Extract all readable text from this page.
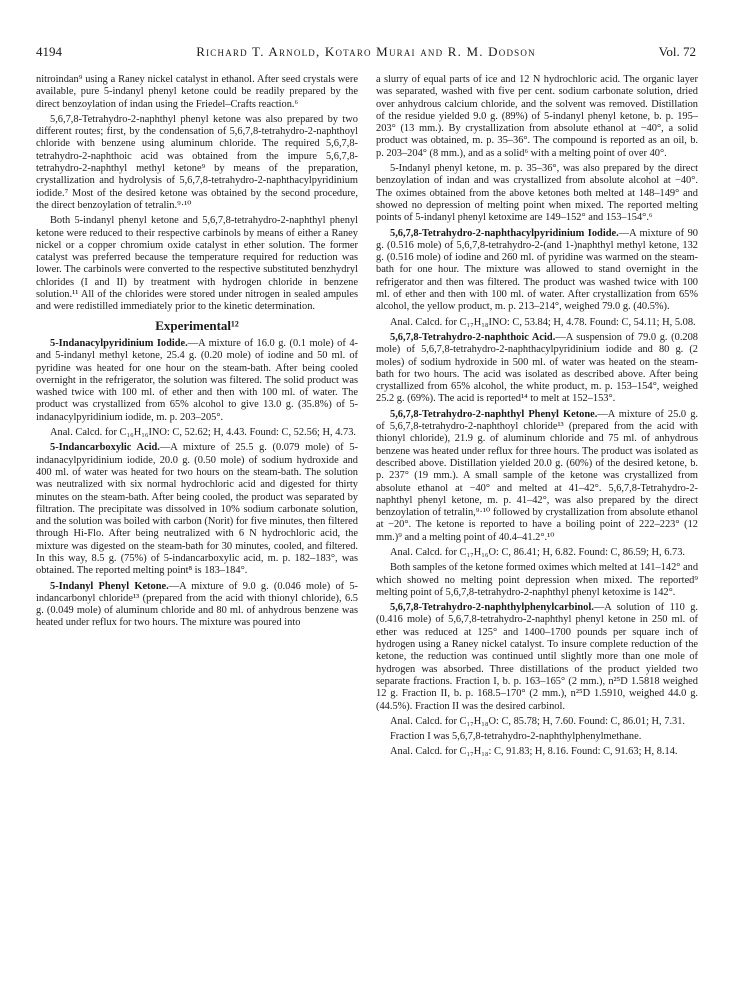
4194	Richard T. Arnold, Kotaro Murai and R. M. Dodson	Vol. 72

nitroindan⁹ using a Raney nickel catalyst in ethanol. After seed crystals were available, pure 5-indanyl phenyl ketone could be readily prepared by the direct benzoylation of indan using the Friedel–Crafts reaction.⁶

5,6,7,8-Tetrahydro-2-naphthyl phenyl ketone was also prepared by two different routes; first, by the condensation of 5,6,7,8-tetrahydro-2-naphthoyl chloride with benzene using aluminum chloride. The required 5,6,7,8-tetrahydro-2-naphthoic acid was obtained from the impure 5,6,7,8-tetrahydro-2-naphthyl methyl ketone⁹ by means of the preparation, crystallization and hydrolysis of 5,6,7,8-tetrahydro-2-naphthacylpyridinium iodide.⁷ Most of the desired ketone was obtained by the second procedure, the direct benzoylation of tetralin.⁹·¹⁰

Both 5-indanyl phenyl ketone and 5,6,7,8-tetrahydro-2-naphthyl phenyl ketone were reduced to their respective carbinols by means of either a Raney nickel or a copper chromium oxide catalyst in ether solution. The former catalyst was preferred because the temperature required for reduction was lower. The carbinols were converted to the respective substituted benzhydryl chlorides (I and II) by treatment with hydrogen chloride in benzene solution.¹¹ All of the chlorides were stored under nitrogen in sealed ampules and were redistilled immediately prior to the kinetic determination.

Experimental¹²

5-Indanacylpyridinium Iodide.—A mixture of 16.0 g. (0.1 mole) of 4-and 5-indanyl methyl ketone, 25.4 g. (0.20 mole) of iodine and 50 ml. of pyridine was heated for one hour on the steam-bath. After being cooled overnight in the refrigerator, the solution was filtered. The solid product was washed twice with 100 ml. of ether and then with 100 ml. of water. The product was crystallized from 65% alcohol to give 13.0 g. (35.8%) of 5-indanacylpyridinium iodide, m. p. 203–205°.

Anal. Calcd. for C₁₆H₁₆INO: C, 52.62; H, 4.43. Found: C, 52.56; H, 4.73.

5-Indancarboxylic Acid.—A mixture of 25.5 g. (0.079 mole) of 5-indanacylpyridinium iodide, 20.0 g. (0.50 mole) of sodium hydroxide and 400 ml. of water was heated for two hours on the steam-bath. The solution was neutralized with six normal hydrochloric acid and digested for thirty minutes on the steam-bath. After being cooled, the product was separated by filtration. The precipitate was dissolved in 10% sodium carbonate solution, and the solution was boiled with carbon (Norit) for five minutes, then filtered through Hi-Flo. After being neutralized with 6 N hydrochloric acid, the mixture was digested on the steam-bath for 30 minutes, cooled, and filtered. In this way, 8.5 g. (75%) of 5-indancarboxylic acid, m. p. 182–183°, was obtained. The reported melting point⁸ is 183–184°.

5-Indanyl Phenyl Ketone.—A mixture of 9.0 g. (0.046 mole) of 5-indancarbonyl chloride¹³ (prepared from the acid with thionyl chloride), 6.5 g. (0.049 mole) of aluminum chloride and 80 ml. of anhydrous benzene was heated under reflux for two hours. The mixture was poured into

a slurry of equal parts of ice and 12 N hydrochloric acid. The organic layer was separated, washed with five per cent. sodium carbonate solution, dried over anhydrous calcium chloride, and the solvent was removed. Distillation of the residue yielded 9.0 g. (89%) of 5-indanyl phenyl ketone, b. p. 195–203° (13 mm.). By crystallization from absolute ethanol at −40°, a solid product was obtained, m. p. 35–36°. The compound is reported as an oil, b. p. 203–204° (8 mm.), and as a solid⁶ with a melting point of over 40°.

5-Indanyl phenyl ketone, m. p. 35–36°, was also prepared by the direct benzoylation of indan and was crystallized from absolute alcohol at −40°. The oximes obtained from the above ketones both melted at 148–149° and showed no depression of melting point when mixed. The reported melting points of 5-indanyl phenyl ketoxime are 149–152° and 153–154°.⁶

5,6,7,8-Tetrahydro-2-naphthacylpyridinium Iodide.—A mixture of 90 g. (0.516 mole) of 5,6,7,8-tetrahydro-2-(and 1-)naphthyl methyl ketone, 132 g. (0.516 mole) of iodine and 260 ml. of pyridine was warmed on the steam-bath for one hour. The mixture was allowed to stand overnight in the refrigerator and then was filtered. The product was washed twice with 100 ml. of ether and then with 100 ml. of water. After crystallization from 65% alcohol, the yellow product, m. p. 213–214°, weighed 79.0 g. (40.5%).

Anal. Calcd. for C₁₇H₁₈INO: C, 53.84; H, 4.78. Found: C, 54.11; H, 5.08.

5,6,7,8-Tetrahydro-2-naphthoic Acid.—A suspension of 79.0 g. (0.208 mole) of 5,6,7,8-tetrahydro-2-naphthacylpyridinium iodide and 80 g. (2 moles) of sodium hydroxide in 500 ml. of water was heated on the steam-bath for two hours. The acid was isolated as described above. After being crystallized from 65% alcohol, the white product, m. p. 153–154°, weighed 25.2 g. (69%). The acid is reported¹⁴ to melt at 152–153°.

5,6,7,8-Tetrahydro-2-naphthyl Phenyl Ketone.—A mixture of 25.0 g. of 5,6,7,8-tetrahydro-2-naphthoyl chloride¹³ (prepared from the acid with thionyl chloride), 21.9 g. of aluminum chloride and 75 ml. of anhydrous benzene was heated under reflux for three hours. The product was isolated as described above. Distillation yielded 20.0 g. (60%) of the desired ketone, b. p. 237° (19 mm.). A small sample of the ketone was crystallized from absolute ethanol at −40° and melted at 41–42°. 5,6,7,8-Tetrahydro-2-naphthyl phenyl ketone, m. p. 41–42°, was also prepared by the direct benzoylation of tetralin,⁹·¹⁰ followed by crystallization from absolute ethanol at −20°. The ketone is reported to have a boiling point of 222–223° (12 mm.)⁹ and a melting point of 40.4–41.2°.¹⁰

Anal. Calcd. for C₁₇H₁₆O: C, 86.41; H, 6.82. Found: C, 86.59; H, 6.73.

Both samples of the ketone formed oximes which melted at 141–142° and which showed no melting point depression when mixed. The reported⁹ melting point of 5,6,7,8-tetrahydro-2-naphthyl phenyl ketoxime is 142°.

5,6,7,8-Tetrahydro-2-naphthylphenylcarbinol.—A solution of 110 g. (0.416 mole) of 5,6,7,8-tetrahydro-2-naphthyl phenyl ketone in 250 ml. of ether was reduced at 125° and 1400–1700 pounds per square inch of hydrogen using a Raney nickel catalyst. To insure complete reduction of the ketone, the reduction was continued until slightly more than one mole of hydrogen was absorbed. Three distillations of the product yielded two separate fractions. Fraction I, b. p. 163–165° (2 mm.), n²⁵D 1.5818 weighed 12 g. Fraction II, b. p. 168.5–170° (2 mm.), n²⁵D 1.5910, weighed 44.0 g. (44.5%). Fraction II was the desired carbinol.

Anal. Calcd. for C₁₇H₁₈O: C, 85.78; H, 7.60. Found: C, 86.01; H, 7.31.

Fraction I was 5,6,7,8-tetrahydro-2-naphthylphenylmethane.

Anal. Calcd. for C₁₇H₁₈: C, 91.83; H, 8.16. Found: C, 91.63; H, 8.14.
